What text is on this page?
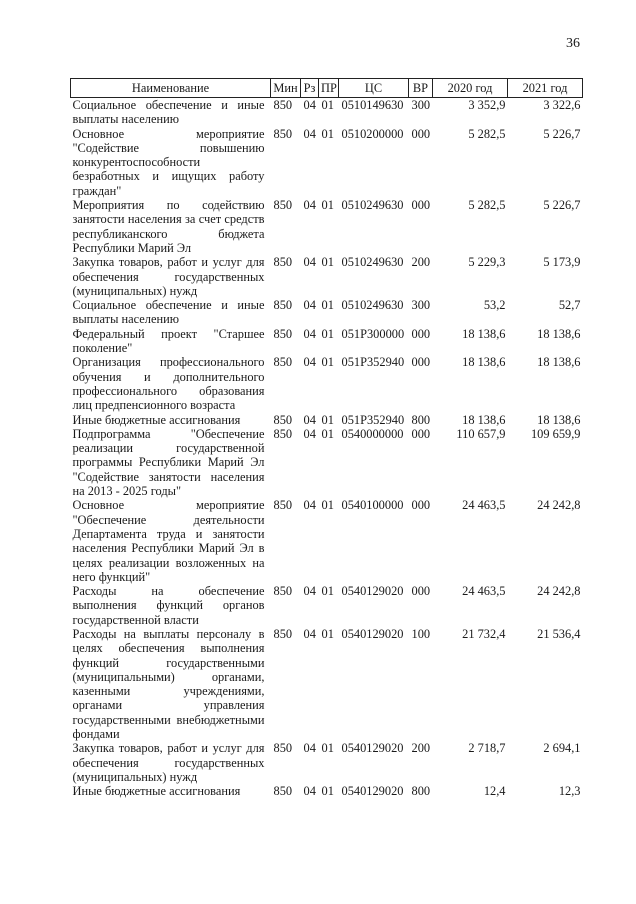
36
Наименование	Мин	Рз	ПР	ЦС	ВР	2020 год	2021 год
Социальное обеспечение и иные выплаты населению	850	04	01	0510149630	300	3 352,9	3 322,6
Основное мероприятие "Содействие повышению конкурентоспособности безработных и ищущих работу граждан"	850	04	01	0510200000	000	5 282,5	5 226,7
Мероприятия по содействию занятости населения за счет средств республиканского бюджета Республики Марий Эл	850	04	01	0510249630	000	5 282,5	5 226,7
Закупка товаров, работ и услуг для обеспечения государственных (муниципальных) нужд	850	04	01	0510249630	200	5 229,3	5 173,9
Социальное обеспечение и иные выплаты населению	850	04	01	0510249630	300	53,2	52,7
Федеральный проект "Старшее поколение"	850	04	01	051P300000	000	18 138,6	18 138,6
Организация профессионального обучения и дополнительного профессионального образования лиц предпенсионного возраста	850	04	01	051P352940	000	18 138,6	18 138,6
Иные бюджетные ассигнования	850	04	01	051P352940	800	18 138,6	18 138,6
Подпрограмма "Обеспечение реализации государственной программы Республики Марий Эл "Содействие занятости населения на 2013 - 2025 годы"	850	04	01	0540000000	000	110 657,9	109 659,9
Основное мероприятие "Обеспечение деятельности Департамента труда и занятости населения Республики Марий Эл в целях реализации возложенных на него функций"	850	04	01	0540100000	000	24 463,5	24 242,8
Расходы на обеспечение выполнения функций органов государственной власти	850	04	01	0540129020	000	24 463,5	24 242,8
Расходы на выплаты персоналу в целях обеспечения выполнения функций государственными (муниципальными) органами, казенными учреждениями, органами управления государственными внебюджетными фондами	850	04	01	0540129020	100	21 732,4	21 536,4
Закупка товаров, работ и услуг для обеспечения государственных (муниципальных) нужд	850	04	01	0540129020	200	2 718,7	2 694,1
Иные бюджетные ассигнования	850	04	01	0540129020	800	12,4	12,3
